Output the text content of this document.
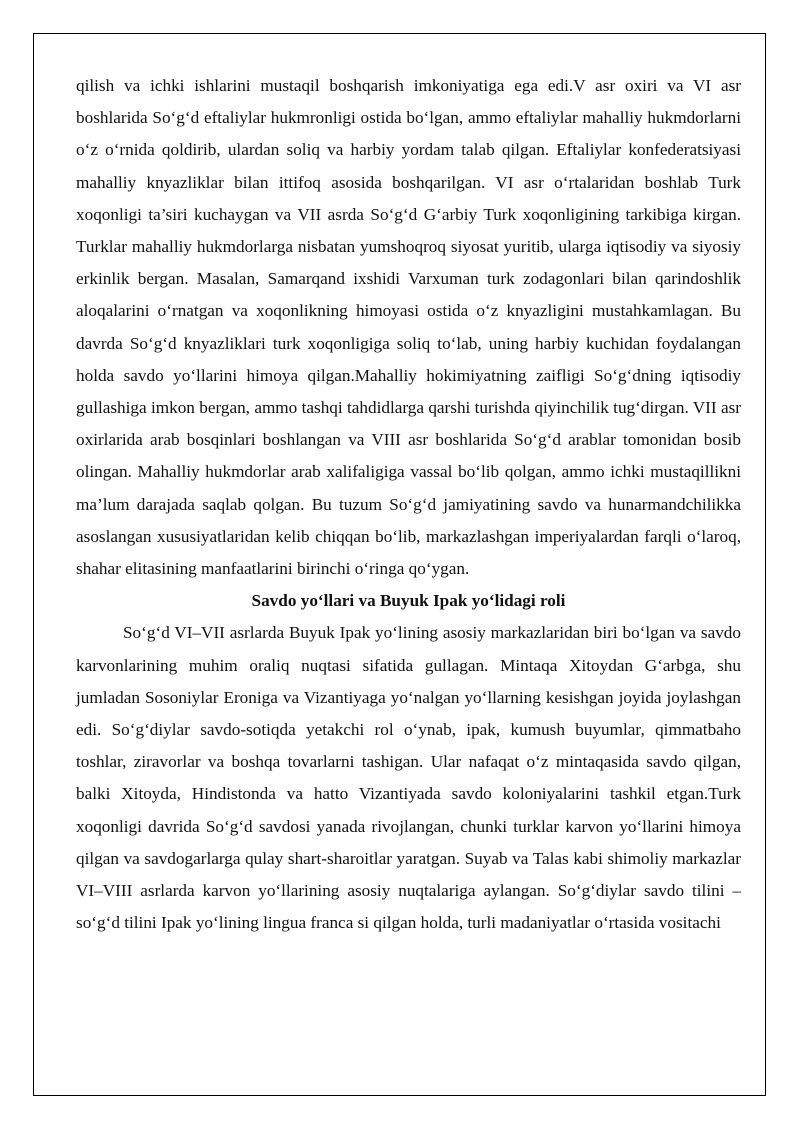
qilish va ichki ishlarini mustaqil boshqarish imkoniyatiga ega edi.V asr oxiri va VI asr boshlarida So‘g‘d eftaliylar hukmronligi ostida bo‘lgan, ammo eftaliylar mahalliy hukmdorlarni o‘z o‘rnida qoldirib, ulardan soliq va harbiy yordam talab qilgan. Eftaliylar konfederatsiyasi mahalliy knyazliklar bilan ittifoq asosida boshqarilgan. VI asr o‘rtalaridan boshlab Turk xoqonligi ta’siri kuchaygan va VII asrda So‘g‘d G‘arbiy Turk xoqonligining tarkibiga kirgan. Turklar mahalliy hukmdorlarga nisbatan yumshoqroq siyosat yuritib, ularga iqtisodiy va siyosiy erkinlik bergan. Masalan, Samarqand ixshidi Varxuman turk zodagonlari bilan qarindoshlik aloqalarini o‘rnatgan va xoqonlikning himoyasi ostida o‘z knyazligini mustahkamlagan. Bu davrda So‘g‘d knyazliklari turk xoqonligiga soliq to‘lab, uning harbiy kuchidan foydalangan holda savdo yo‘llarini himoya qilgan.Mahalliy hokimiyatning zaifligi So‘g‘dning iqtisodiy gullashiga imkon bergan, ammo tashqi tahdidlarga qarshi turishda qiyinchilik tug‘dirgan. VII asr oxirlarida arab bosqinlari boshlangan va VIII asr boshlarida So‘g‘d arablar tomonidan bosib olingan. Mahalliy hukmdorlar arab xalifaligiga vassal bo‘lib qolgan, ammo ichki mustaqillikni ma’lum darajada saqlab qolgan. Bu tuzum So‘g‘d jamiyatining savdo va hunarmandchilikka asoslangan xususiyatlaridan kelib chiqqan bo‘lib, markazlashgan imperiyalardan farqli o‘laroq, shahar elitasining manfaatlarini birinchi o‘ringa qo‘ygan.

Savdo yo‘llari va Buyuk Ipak yo‘lidagi roli

So‘g‘d VI–VII asrlarda Buyuk Ipak yo‘lining asosiy markazlaridan biri bo‘lgan va savdo karvonlarining muhim oraliq nuqtasi sifatida gullagan. Mintaqa Xitoydan G‘arbga, shu jumladan Sosoniylar Eroniga va Vizantiyaga yo‘nalgan yo‘llarning kesishgan joyida joylashgan edi. So‘g‘diylar savdo-sotiqda yetakchi rol o‘ynab, ipak, kumush buyumlar, qimmatbaho toshlar, ziravorlar va boshqa tovarlarni tashigan. Ular nafaqat o‘z mintaqasida savdo qilgan, balki Xitoyda, Hindistonda va hatto Vizantiyada savdo koloniyalarini tashkil etgan.Turk xoqonligi davrida So‘g‘d savdosi yanada rivojlangan, chunki turklar karvon yo‘llarini himoya qilgan va savdogarlarga qulay shart-sharoitlar yaratgan. Suyab va Talas kabi shimoliy markazlar VI–VIII asrlarda karvon yo‘llarining asosiy nuqtalariga aylangan. So‘g‘diylar savdo tilini – so‘g‘d tilini Ipak yo‘lining lingua franca si qilgan holda, turli madaniyatlar o‘rtasida vositachi
